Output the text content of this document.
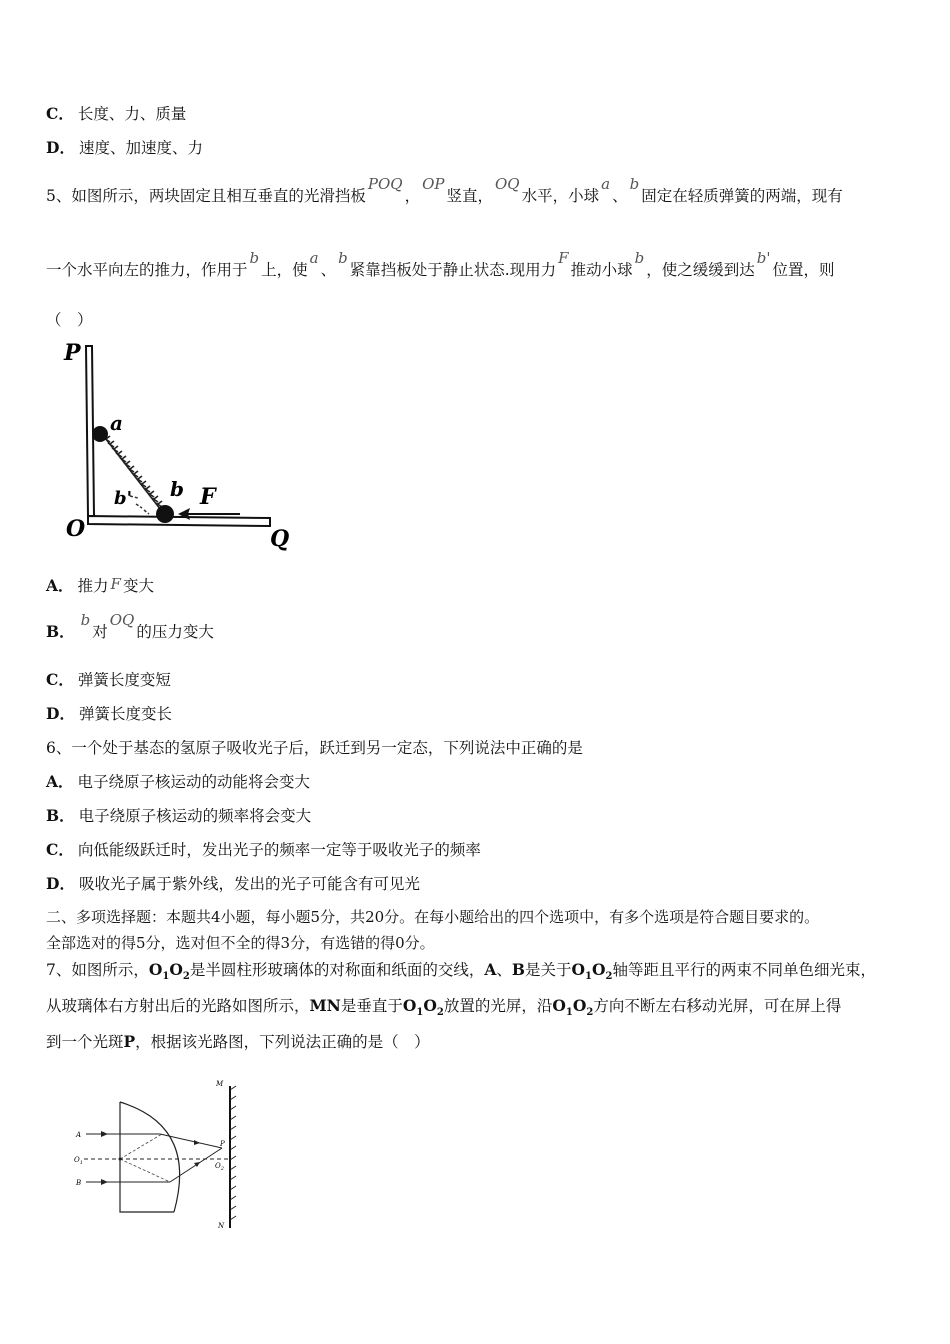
C． 长度、力、质量
D． 速度、加速度、力
5、如图所示，两块固定且相互垂直的光滑挡板POQ，OP竖直，OQ水平，小球a、b固定在轻质弹簧的两端，现有
一个水平向左的推力，作用于b上，使a、b紧靠挡板处于静止状态.现用力F推动小球b，使之缓缓到达b'位置，则
（　）
P
a
b
b'	F
O	Q
A． 推力 F 变大
B．b对OQ的压力变大
C． 弹簧长度变短
D． 弹簧长度变长
6、一个处于基态的氢原子吸收光子后，跃迁到另一定态，下列说法中正确的是
A． 电子绕原子核运动的动能将会变大
B． 电子绕原子核运动的频率将会变大
C． 向低能级跃迁时，发出光子的频率一定等于吸收光子的频率
D． 吸收光子属于紫外线，发出的光子可能含有可见光
二、多项选择题：本题共4小题，每小题5分，共20分。在每小题给出的四个选项中，有多个选项是符合题目要求的。
全部选对的得5分，选对但不全的得3分，有选错的得0分。
7、如图所示，$O_1O_2$是半圆柱形玻璃体的对称面和纸面的交线，A、B是关于$O_1O_2$轴等距且平行的两束不同单色细光束，
从玻璃体右方射出后的光路如图所示，MN是垂直于$O_1O_2$放置的光屏，沿$O_1O_2$方向不断左右移动光屏，可在屏上得
到一个光斑P，根据该光路图，下列说法正确的是（　）
M
N
A
B
$O_1$	$O_2$
P
